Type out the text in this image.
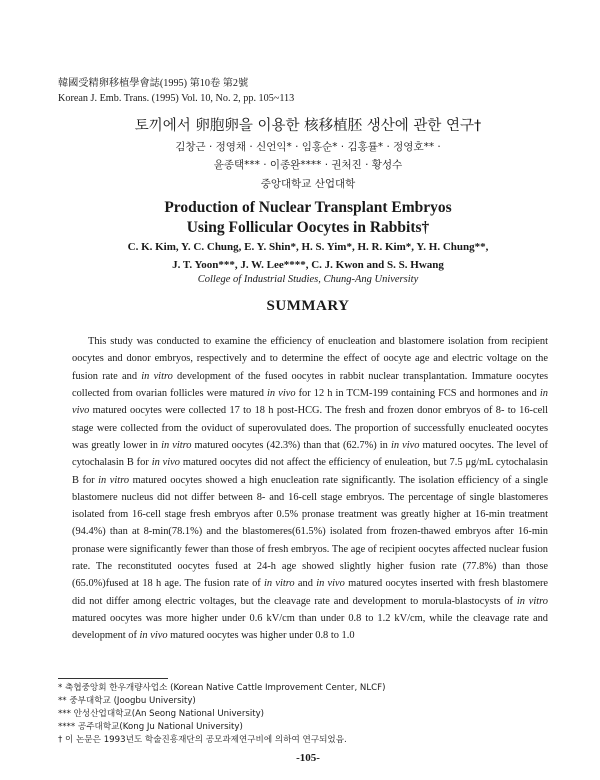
韓國受精卵移植學會誌(1995) 第10卷 第2號
Korean J. Emb. Trans. (1995) Vol. 10, No. 2, pp. 105~113
토끼에서 卵胞卵을 이용한 核移植胚 생산에 관한 연구†
김창근 · 정영채 · 신언익* · 임홍순* · 김홍률* · 정영호** ·
윤종택*** · 이종완**** · 권처진 · 황성수
중앙대학교 산업대학
Production of Nuclear Transplant Embryos
Using Follicular Oocytes in Rabbits†
C. K. Kim, Y. C. Chung, E. Y. Shin*, H. S. Yim*, H. R. Kim*, Y. H. Chung**,
J. T. Yoon***, J. W. Lee****, C. J. Kwon and S. S. Hwang
College of Industrial Studies, Chung-Ang University
SUMMARY

This study was conducted to examine the efficiency of enucleation and blastomere isolation from recipient oocytes and donor embryos, respectively and to determine the effect of oocyte age and electric voltage on the fusion rate and in vitro development of the fused oocytes in rabbit nuclear transplantation. Immature oocytes collected from ovarian follicles were matured in vivo for 12 h in TCM-199 containing FCS and hormones and in vivo matured oocytes were collected 17 to 18 h post-HCG. The fresh and frozen donor embryos of 8- to 16-cell stage were collected from the oviduct of superovulated does. The proportion of successfully enucleated oocytes was greatly lower in in vitro matured oocytes (42.3%) than that (62.7%) in in vivo matured oocytes. The level of cytochalasin B for in vivo matured oocytes did not affect the efficiency of enuleation, but 7.5 μg/mL cytochalasin B for in vitro matured oocytes showed a high enucleation rate significantly. The isolation efficiency of a single blastomere nucleus did not differ between 8- and 16-cell stage embryos. The percentage of single blastomeres isolated from 16-cell stage fresh embryos after 0.5% pronase treatment was greatly higher at 16-min treatment (94.4%) than at 8-min(78.1%) and the blastomeres(61.5%) isolated from frozen-thawed embryos after 16-min pronase were significantly fewer than those of fresh embryos. The age of recipient oocytes affected nuclear fusion rate. The reconstituted oocytes fused at 24-h age showed slightly higher fusion rate (77.8%) than those (65.0%)fused at 18 h age. The fusion rate of in vitro and in vivo matured oocytes inserted with fresh blastomere did not differ among electric voltages, but the cleavage rate and development to morula-blastocysts of in vitro matured oocytes was more higher under 0.6 kV/cm than under 0.8 to 1.2 kV/cm, while the cleavage rate and development of in vivo matured oocytes was higher under 0.8 to 1.0

* 축협중앙회 한우개량사업소 (Korean Native Cattle Improvement Center, NLCF)
** 중부대학교 (Joogbu University)
*** 안성산업대학교(An Seong National University)
**** 공주대학교(Kong Ju National University)
† 이 논문은 1993년도 학술진흥재단의 공모과제연구비에 의하여 연구되었음.
-105-
